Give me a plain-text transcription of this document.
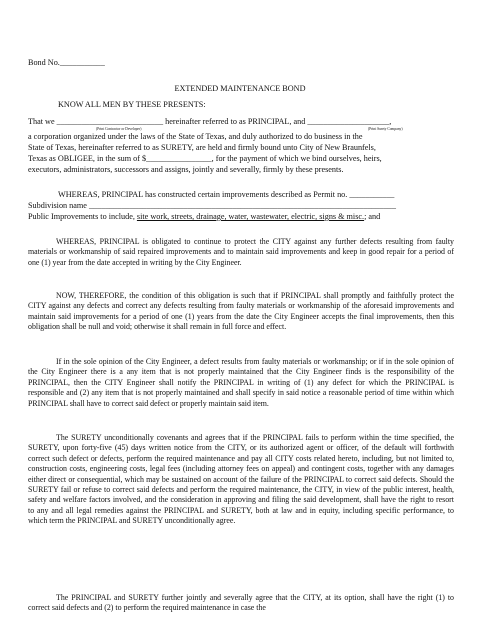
Bond No.___________
EXTENDED MAINTENANCE BOND
KNOW ALL MEN BY THESE PRESENTS:
That we __________________________ hereinafter referred to as PRINCIPAL, and ____________________,
(Print Contractor or Developer)	(Print Surety Company)
a corporation organized under the laws of the State of Texas, and duly authorized to do business in the
State of Texas, hereinafter referred to as SURETY, are held and firmly bound unto City of New Braunfels,
Texas as OBLIGEE, in the sum of $________________, for the payment of which we bind ourselves, heirs,
executors, administrators, successors and assigns, jointly and severally, firmly by these presents.
WHEREAS, PRINCIPAL has constructed certain improvements described as Permit no. ___________
Subdivision name ___________________________________________________________________________
Public Improvements to include, site work, streets, drainage, water, wastewater, electric, signs & misc.; and

WHEREAS, PRINCIPAL is obligated to continue to protect the CITY against any further defects resulting from faulty materials or workmanship of said repaired improvements and to maintain said improvements and keep in good repair for a period of one (1) year from the date accepted in writing by the City Engineer.

NOW, THEREFORE, the condition of this obligation is such that if PRINCIPAL shall promptly and faithfully protect the CITY against any defects and correct any defects resulting from faulty materials or workmanship of the aforesaid improvements and maintain said improvements for a period of one (1) years from the date the City Engineer accepts the final improvements, then this obligation shall be null and void; otherwise it shall remain in full force and effect.

If in the sole opinion of the City Engineer, a defect results from faulty materials or workmanship; or if in the sole opinion of the City Engineer there is a any item that is not properly maintained that the City Engineer finds is the responsibility of the PRINCIPAL, then the CITY Engineer shall notify the PRINCIPAL in writing of (1) any defect for which the PRINCIPAL is responsible and (2) any item that is not properly maintained and shall specify in said notice a reasonable period of time within which PRINCIPAL shall have to correct said defect or properly maintain said item.

The SURETY unconditionally covenants and agrees that if the PRINCIPAL fails to perform within the time specified, the SURETY, upon forty-five (45) days written notice from the CITY, or its authorized agent or officer, of the default will forthwith correct such defect or defects, perform the required maintenance and pay all CITY costs related hereto, including, but not limited to, construction costs, engineering costs, legal fees (including attorney fees on appeal) and contingent costs, together with any damages either direct or consequential, which may be sustained on account of the failure of the PRINCIPAL to correct said defects. Should the SURETY fail or refuse to correct said defects and perform the required maintenance, the CITY, in view of the public interest, health, safety and welfare factors involved, and the consideration in approving and filing the said development, shall have the right to resort to any and all legal remedies against the PRINCIPAL and SURETY, both at law and in equity, including specific performance, to which term the PRINCIPAL and SURETY unconditionally agree.

The PRINCIPAL and SURETY further jointly and severally agree that the CITY, at its option, shall have the right (1) to correct said defects and (2) to perform the required maintenance in case the
